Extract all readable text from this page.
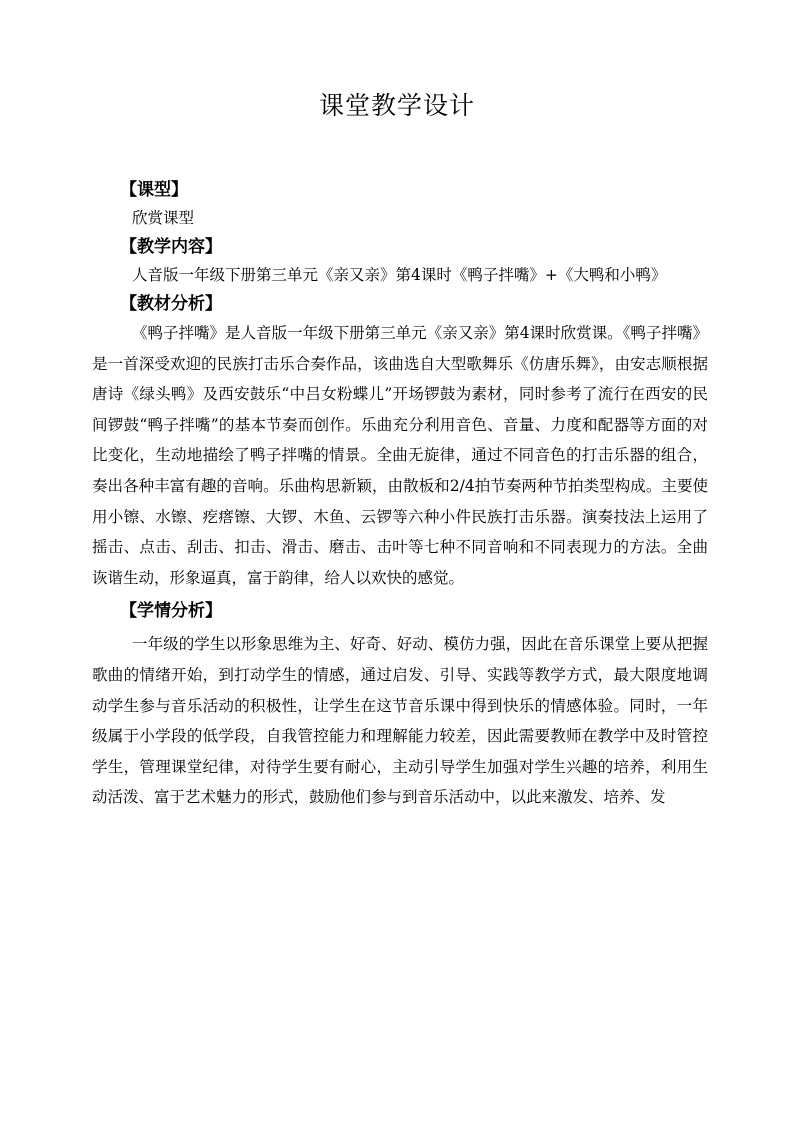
课堂教学设计
【课型】
欣赏课型
【教学内容】

人音版一年级下册第三单元《亲又亲》第4课时《鸭子拌嘴》+《大鸭和小鸭》

【教材分析】

《鸭子拌嘴》是人音版一年级下册第三单元《亲又亲》第4课时欣赏课。《鸭子拌嘴》是一首深受欢迎的民族打击乐合奏作品，该曲选自大型歌舞乐《仿唐乐舞》，由安志顺根据唐诗《绿头鸭》及西安鼓乐“中吕女粉蝶儿”开场锣鼓为素材，同时参考了流行在西安的民间锣鼓“鸭子拌嘴”的基本节奏而创作。乐曲充分利用音色、音量、力度和配器等方面的对比变化，生动地描绘了鸭子拌嘴的情景。全曲无旋律，通过不同音色的打击乐器的组合，奏出各种丰富有趣的音响。乐曲构思新颖，由散板和2/4拍节奏两种节拍类型构成。主要使用小镲、水镲、疙瘩镲、大锣、木鱼、云锣等六种小件民族打击乐器。演奏技法上运用了摇击、点击、刮击、扣击、滑击、磨击、击叶等七种不同音响和不同表现力的方法。全曲诙谐生动，形象逼真，富于韵律，给人以欢快的感觉。

【学情分析】

一年级的学生以形象思维为主、好奇、好动、模仿力强，因此在音乐课堂上要从把握歌曲的情绪开始，到打动学生的情感，通过启发、引导、实践等教学方式，最大限度地调动学生参与音乐活动的积极性，让学生在这节音乐课中得到快乐的情感体验。同时，一年级属于小学段的低学段，自我管控能力和理解能力较差，因此需要教师在教学中及时管控学生，管理课堂纪律，对待学生要有耐心，主动引导学生加强对学生兴趣的培养，利用生动活泼、富于艺术魅力的形式，鼓励他们参与到音乐活动中，以此来激发、培养、发
